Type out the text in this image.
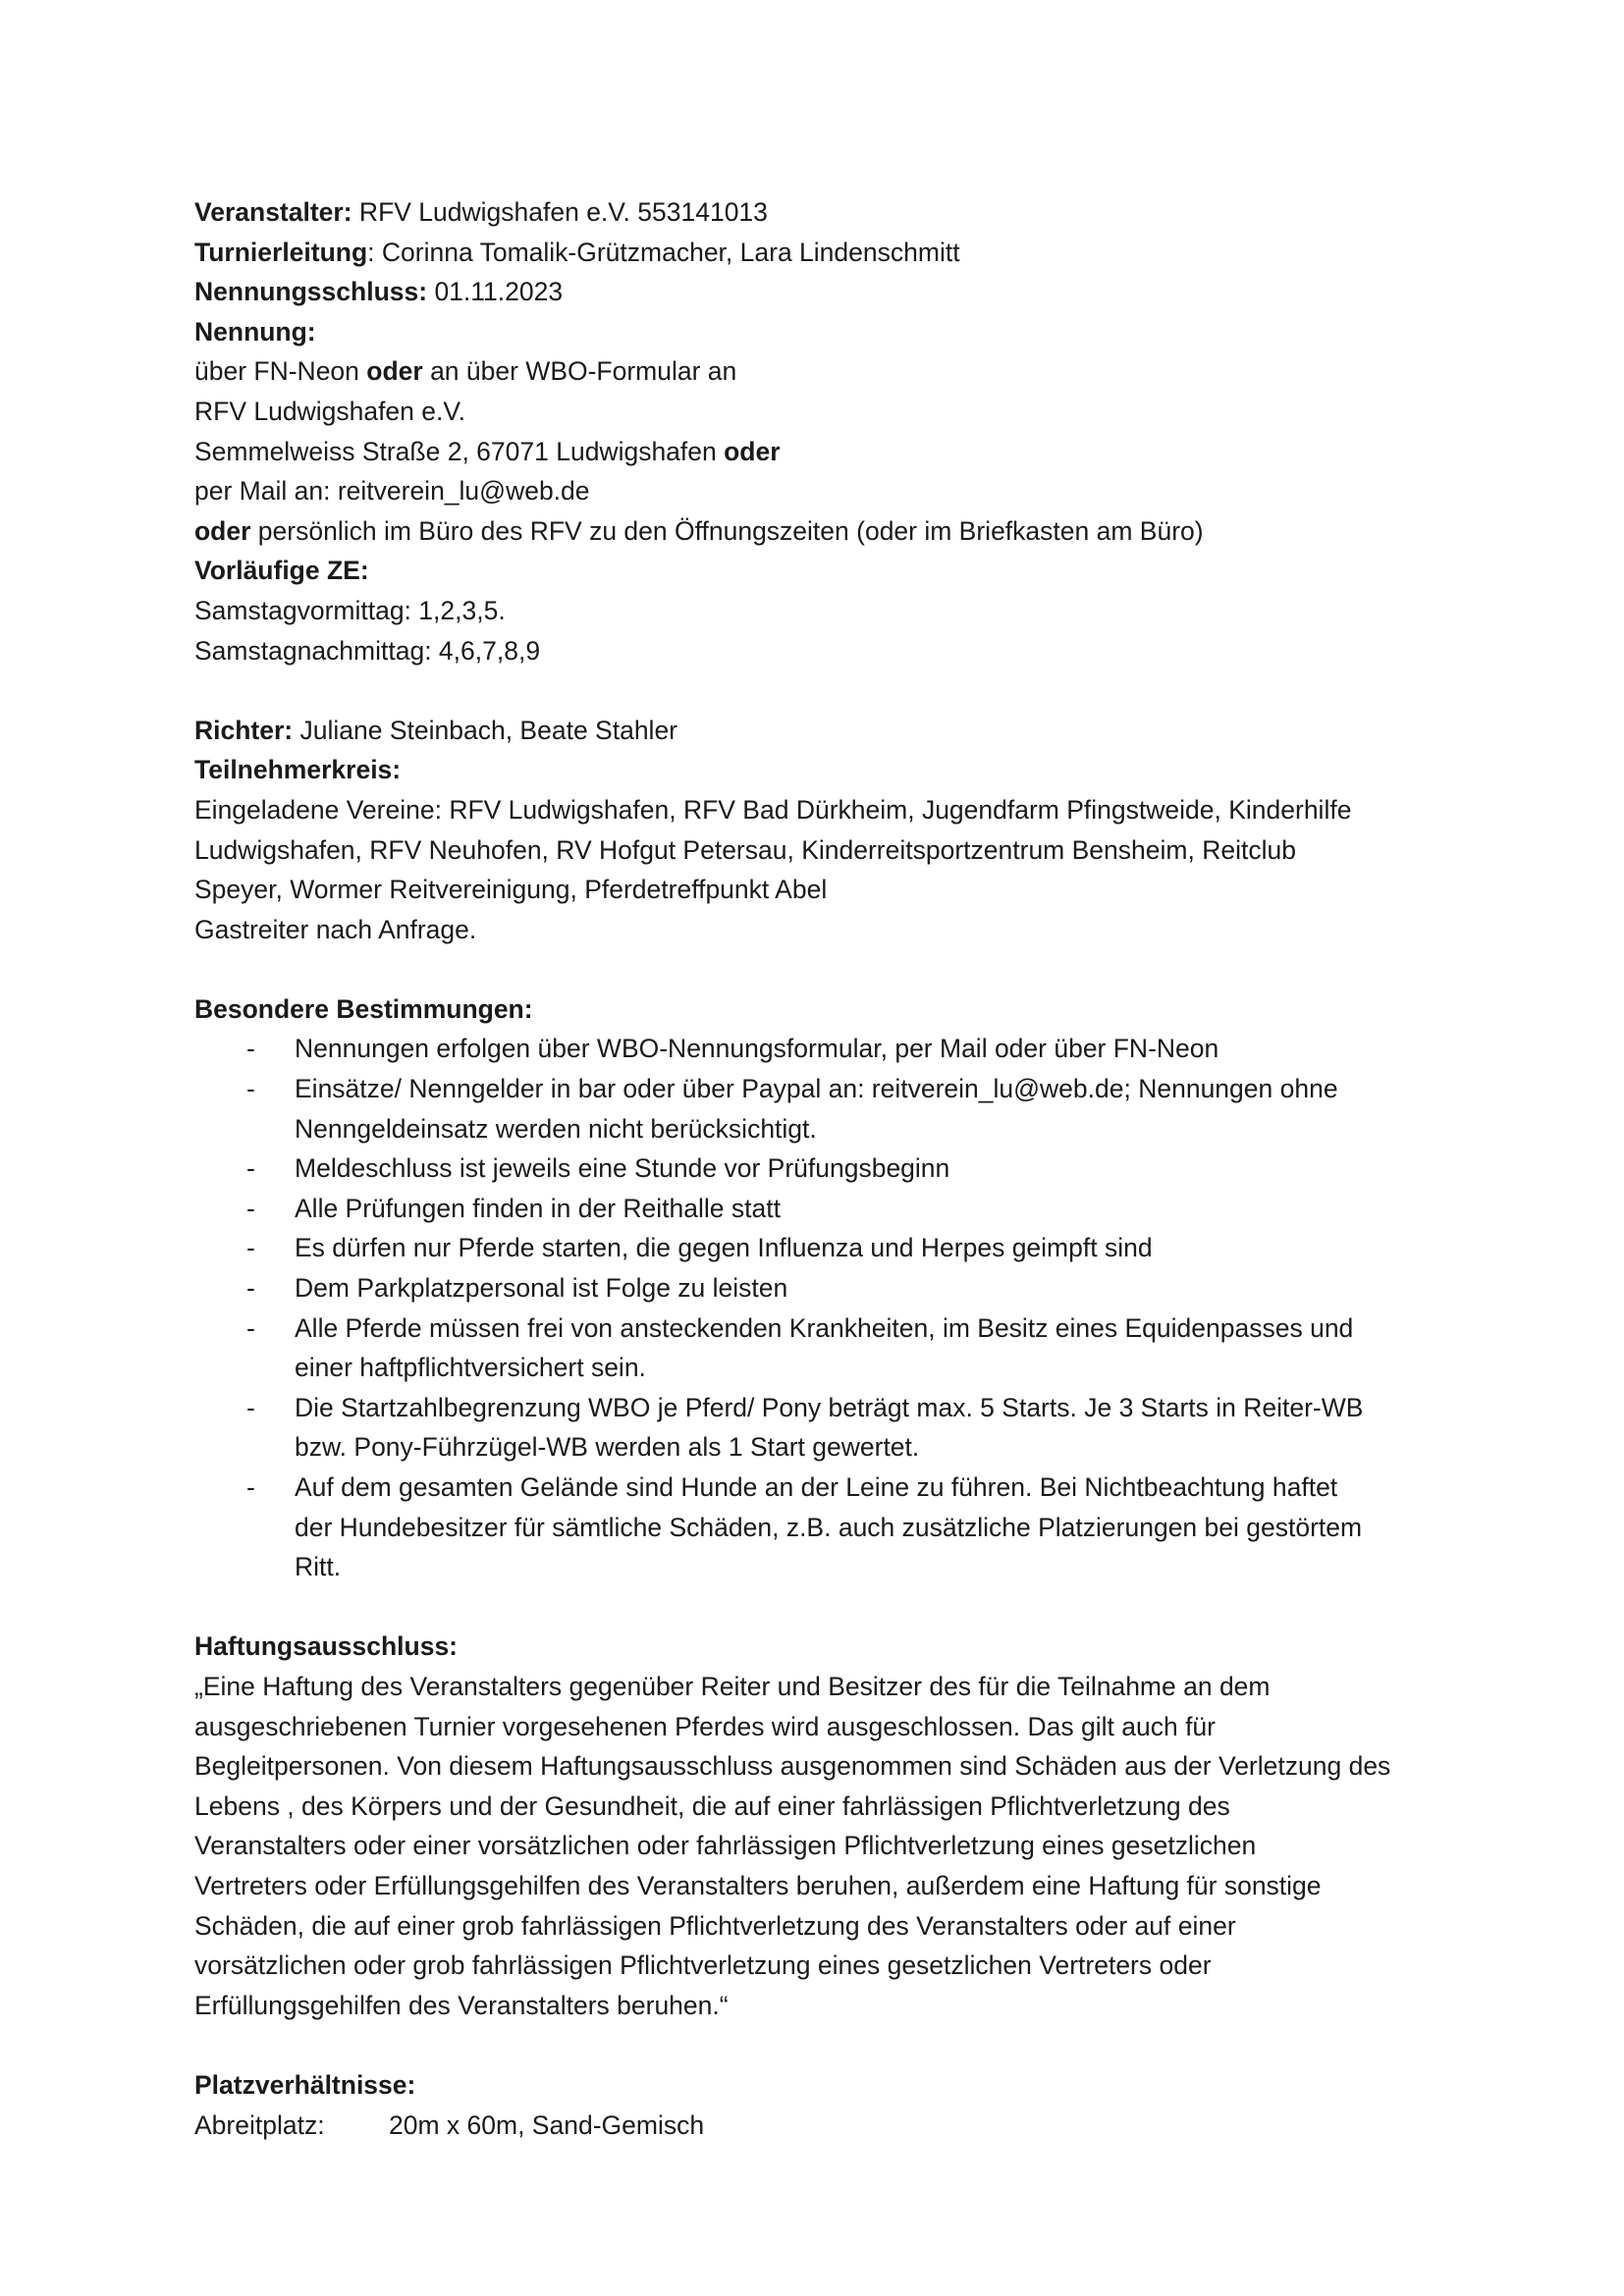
Veranstalter: RFV Ludwigshafen e.V. 553141013
Turnierleitung: Corinna Tomalik-Grützmacher, Lara Lindenschmitt
Nennungsschluss: 01.11.2023
Nennung:
über FN-Neon oder an über WBO-Formular an
RFV Ludwigshafen e.V.
Semmelweiss Straße 2, 67071 Ludwigshafen oder
per Mail an: reitverein_lu@web.de
oder persönlich im Büro des RFV zu den Öffnungszeiten (oder im Briefkasten am Büro)
Vorläufige ZE:
Samstagvormittag: 1,2,3,5.
Samstagnachmittag: 4,6,7,8,9
Richter: Juliane Steinbach, Beate Stahler
Teilnehmerkreis:
Eingeladene Vereine: RFV Ludwigshafen, RFV Bad Dürkheim, Jugendfarm Pfingstweide, Kinderhilfe
Ludwigshafen, RFV Neuhofen, RV Hofgut Petersau, Kinderreitsportzentrum Bensheim, Reitclub
Speyer, Wormer Reitvereinigung, Pferdetreffpunkt Abel
Gastreiter nach Anfrage.
Besondere Bestimmungen:
- Nennungen erfolgen über WBO-Nennungsformular, per Mail oder über FN-Neon
- Einsätze/ Nenngelder in bar oder über Paypal an: reitverein_lu@web.de; Nennungen ohne
Nenngeldeinsatz werden nicht berücksichtigt.
- Meldeschluss ist jeweils eine Stunde vor Prüfungsbeginn
- Alle Prüfungen finden in der Reithalle statt
- Es dürfen nur Pferde starten, die gegen Influenza und Herpes geimpft sind
- Dem Parkplatzpersonal ist Folge zu leisten
- Alle Pferde müssen frei von ansteckenden Krankheiten, im Besitz eines Equidenpasses und
einer haftpflichtversichert sein.
- Die Startzahlbegrenzung WBO je Pferd/ Pony beträgt max. 5 Starts. Je 3 Starts in Reiter-WB
bzw. Pony-Führzügel-WB werden als 1 Start gewertet.
- Auf dem gesamten Gelände sind Hunde an der Leine zu führen. Bei Nichtbeachtung haftet
der Hundebesitzer für sämtliche Schäden, z.B. auch zusätzliche Platzierungen bei gestörtem
Ritt.
Haftungsausschluss:
„Eine Haftung des Veranstalters gegenüber Reiter und Besitzer des für die Teilnahme an dem
ausgeschriebenen Turnier vorgesehenen Pferdes wird ausgeschlossen. Das gilt auch für
Begleitpersonen. Von diesem Haftungsausschluss ausgenommen sind Schäden aus der Verletzung des
Lebens , des Körpers und der Gesundheit, die auf einer fahrlässigen Pflichtverletzung des
Veranstalters oder einer vorsätzlichen oder fahrlässigen Pflichtverletzung eines gesetzlichen
Vertreters oder Erfüllungsgehilfen des Veranstalters beruhen, außerdem eine Haftung für sonstige
Schäden, die auf einer grob fahrlässigen Pflichtverletzung des Veranstalters oder auf einer
vorsätzlichen oder grob fahrlässigen Pflichtverletzung eines gesetzlichen Vertreters oder
Erfüllungsgehilfen des Veranstalters beruhen.“
Platzverhältnisse:
Abreitplatz: 20m x 60m, Sand-Gemisch
